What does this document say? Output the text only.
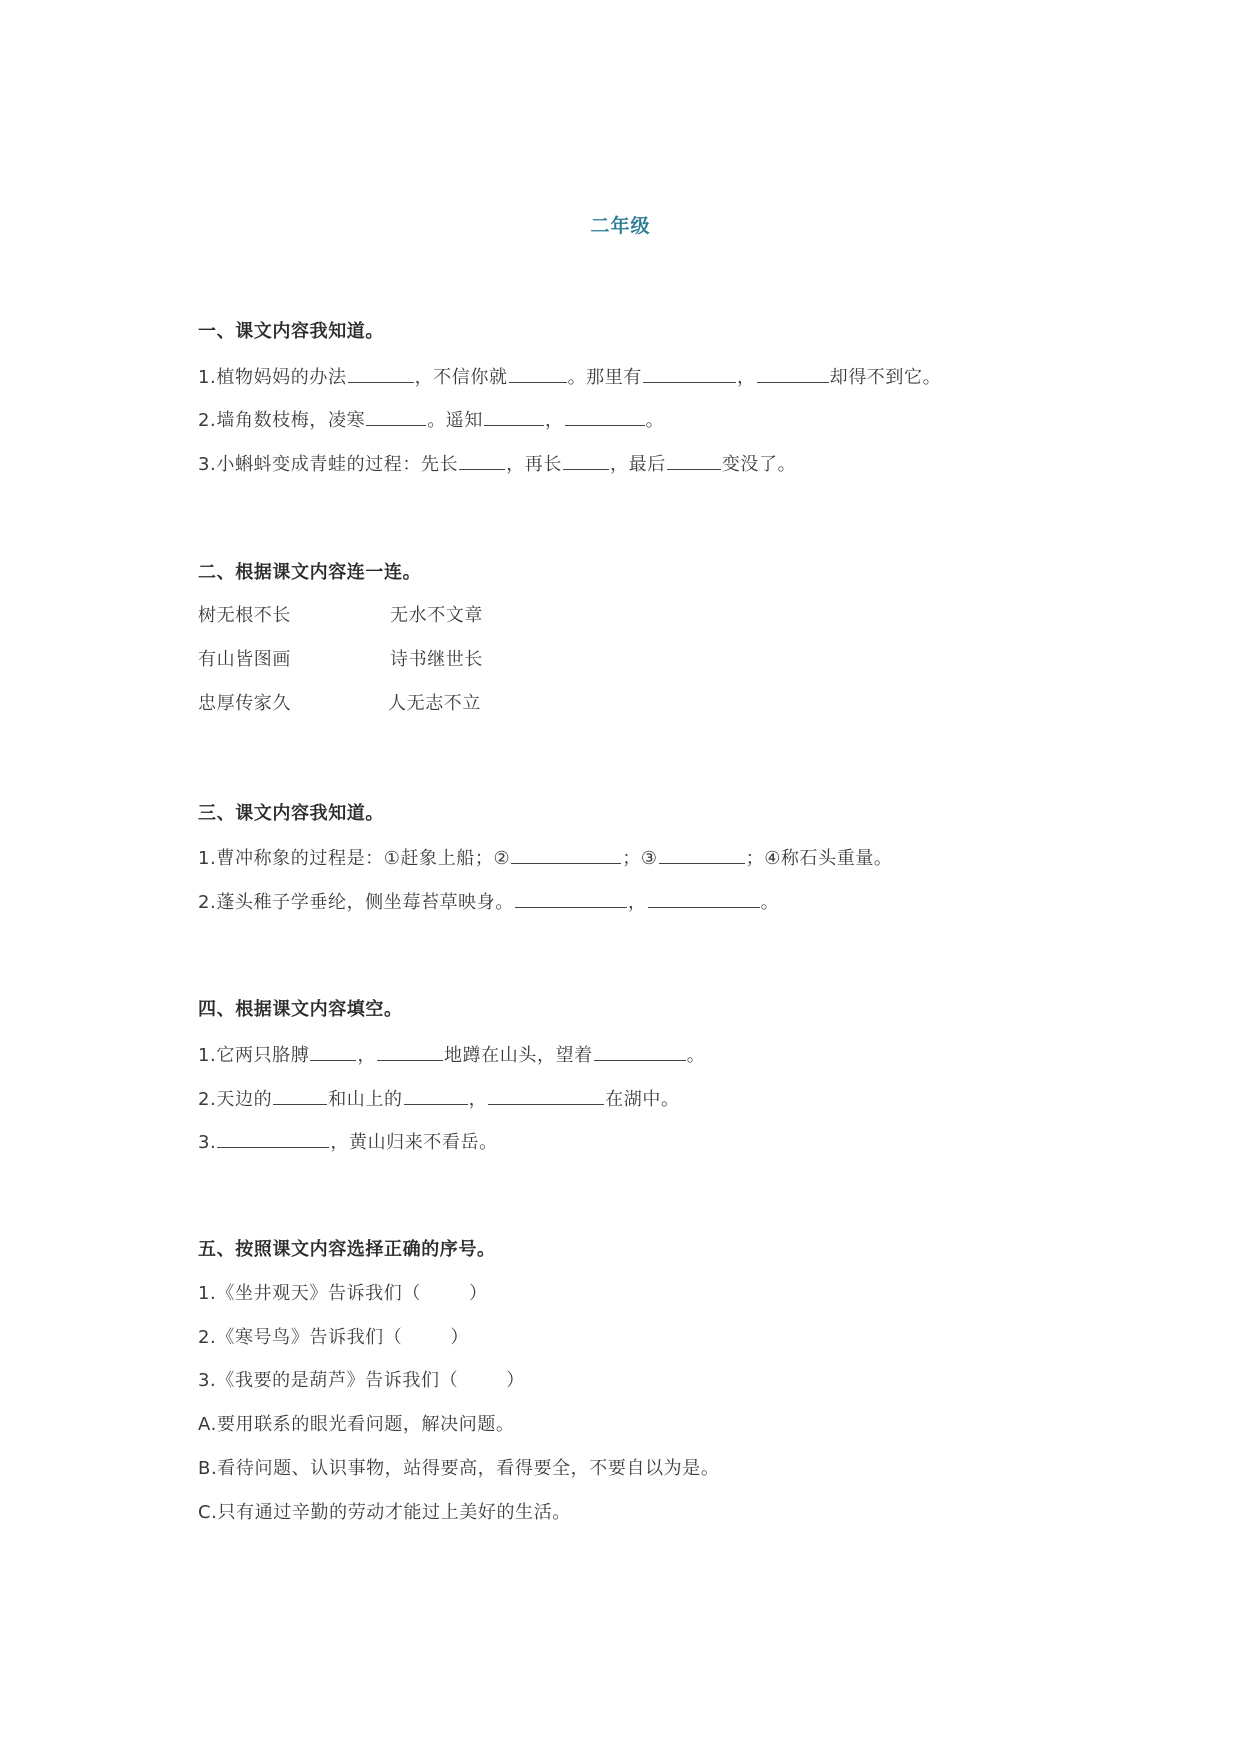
二年级
一、课文内容我知道。
1.植物妈妈的办法	，不信你就	。那里有	，	却得不到它。
2.墙角数枝梅，凌寒	。遥知	，	。
3.小蝌蚪变成青蛙的过程：先长	，再长	，最后	变没了。
二、根据课文内容连一连。
树无根不长	无水不文章
有山皆图画	诗书继世长
忠厚传家久	人无志不立
三、课文内容我知道。
1.曹冲称象的过程是：①赶象上船；②	；③	；④称石头重量。
2.蓬头稚子学垂纶，侧坐莓苔草映身。	，	。
四、根据课文内容填空。
1.它两只胳膊	，	地蹲在山头，望着	。
2.天边的	和山上的	，	在湖中。
3.	，黄山归来不看岳。
五、按照课文内容选择正确的序号。
1.《坐井观天》告诉我们（	）
2.《寒号鸟》告诉我们（	）
3.《我要的是葫芦》告诉我们（	）
A.要用联系的眼光看问题，解决问题。
B.看待问题、认识事物，站得要高，看得要全，不要自以为是。
C.只有通过辛勤的劳动才能过上美好的生活。
